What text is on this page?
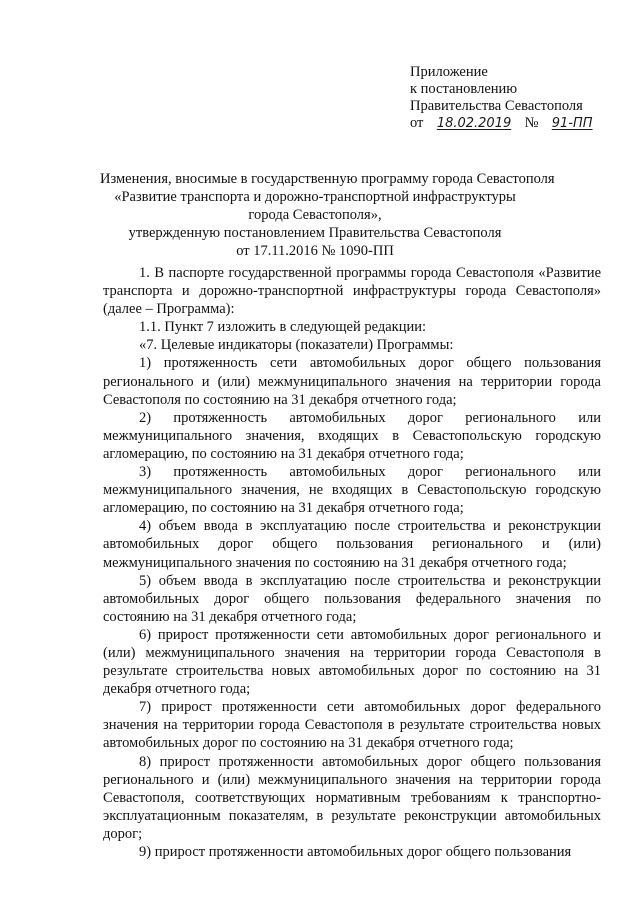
Приложение
к постановлению
Правительства Севастополя
от 18.02.2019 № 91-ПП
Изменения, вносимые в государственную программу города Севастополя
«Развитие транспорта и дорожно-транспортной инфраструктуры
города Севастополя»,
утвержденную постановлением Правительства Севастополя
от 17.11.2016 № 1090-ПП

1. В паспорте государственной программы города Севастополя «Развитие транспорта и дорожно-транспортной инфраструктуры города Севастополя» (далее – Программа):

1.1. Пункт 7 изложить в следующей редакции:

«7. Целевые индикаторы (показатели) Программы:

1) протяженность сети автомобильных дорог общего пользования регионального и (или) межмуниципального значения на территории города Севастополя по состоянию на 31 декабря отчетного года;

2) протяженность автомобильных дорог регионального или межмуниципального значения, входящих в Севастопольскую городскую агломерацию, по состоянию на 31 декабря отчетного года;

3) протяженность автомобильных дорог регионального или межмуниципального значения, не входящих в Севастопольскую городскую агломерацию, по состоянию на 31 декабря отчетного года;

4) объем ввода в эксплуатацию после строительства и реконструкции автомобильных дорог общего пользования регионального и (или) межмуниципального значения по состоянию на 31 декабря отчетного года;

5) объем ввода в эксплуатацию после строительства и реконструкции автомобильных дорог общего пользования федерального значения по состоянию на 31 декабря отчетного года;

6) прирост протяженности сети автомобильных дорог регионального и (или) межмуниципального значения на территории города Севастополя в результате строительства новых автомобильных дорог по состоянию на 31 декабря отчетного года;

7) прирост протяженности сети автомобильных дорог федерального значения на территории города Севастополя в результате строительства новых автомобильных дорог по состоянию на 31 декабря отчетного года;

8) прирост протяженности автомобильных дорог общего пользования регионального и (или) межмуниципального значения на территории города Севастополя, соответствующих нормативным требованиям к транспортно-эксплуатационным показателям, в результате реконструкции автомобильных дорог;

9) прирост протяженности автомобильных дорог общего пользования
